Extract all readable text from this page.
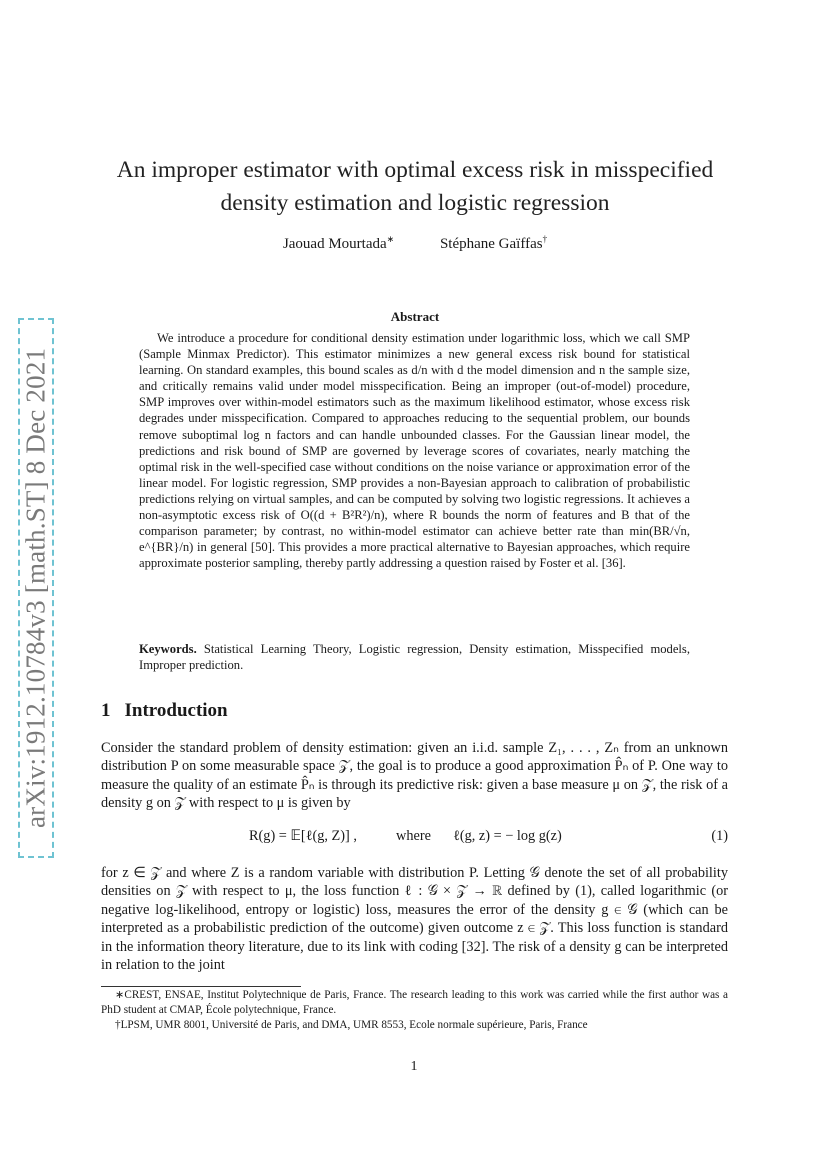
arXiv:1912.10784v3 [math.ST] 8 Dec 2021
An improper estimator with optimal excess risk in misspecified
density estimation and logistic regression
Jaouad Mourtada∗	Stéphane Gaïffas†
Abstract

We introduce a procedure for conditional density estimation under logarithmic loss, which we call SMP (Sample Minmax Predictor). This estimator minimizes a new general excess risk bound for statistical learning. On standard examples, this bound scales as d/n with d the model dimension and n the sample size, and critically remains valid under model misspecification. Being an improper (out-of-model) procedure, SMP improves over within-model estimators such as the maximum likelihood estimator, whose excess risk degrades under misspecification. Compared to approaches reducing to the sequential problem, our bounds remove suboptimal log n factors and can handle unbounded classes. For the Gaussian linear model, the predictions and risk bound of SMP are governed by leverage scores of covariates, nearly matching the optimal risk in the well-specified case without conditions on the noise variance or approximation error of the linear model. For logistic regression, SMP provides a non-Bayesian approach to calibration of probabilistic predictions relying on virtual samples, and can be computed by solving two logistic regressions. It achieves a non-asymptotic excess risk of O((d + B²R²)/n), where R bounds the norm of features and B that of the comparison parameter; by contrast, no within-model estimator can achieve better rate than min(BR/√n, e^{BR}/n) in general [50]. This provides a more practical alternative to Bayesian approaches, which require approximate posterior sampling, thereby partly addressing a question raised by Foster et al. [36].

Keywords. Statistical Learning Theory, Logistic regression, Density estimation, Misspecified models, Improper prediction.

1 Introduction

Consider the standard problem of density estimation: given an i.i.d. sample Z₁, . . . , Zₙ from an unknown distribution P on some measurable space 𝒵, the goal is to produce a good approximation P̂ₙ of P. One way to measure the quality of an estimate P̂ₙ is through its predictive risk: given a base measure μ on 𝒵, the risk of a density g on 𝒵 with respect to μ is given by

R(g) = 𝔼[ℓ(g, Z)] ,	where ℓ(g, z) = − log g(z)	(1)

for z ∈ 𝒵 and where Z is a random variable with distribution P. Letting 𝒢 denote the set of all probability densities on 𝒵 with respect to μ, the loss function ℓ : 𝒢 × 𝒵 → ℝ defined by (1), called logarithmic (or negative log-likelihood, entropy or logistic) loss, measures the error of the density g ∈ 𝒢 (which can be interpreted as a probabilistic prediction of the outcome) given outcome z ∈ 𝒵. This loss function is standard in the information theory literature, due to its link with coding [32]. The risk of a density g can be interpreted in relation to the joint

∗CREST, ENSAE, Institut Polytechnique de Paris, France. The research leading to this work was carried while the first author was a PhD student at CMAP, École polytechnique, France.

†LPSM, UMR 8001, Université de Paris, and DMA, UMR 8553, Ecole normale supérieure, Paris, France

1
